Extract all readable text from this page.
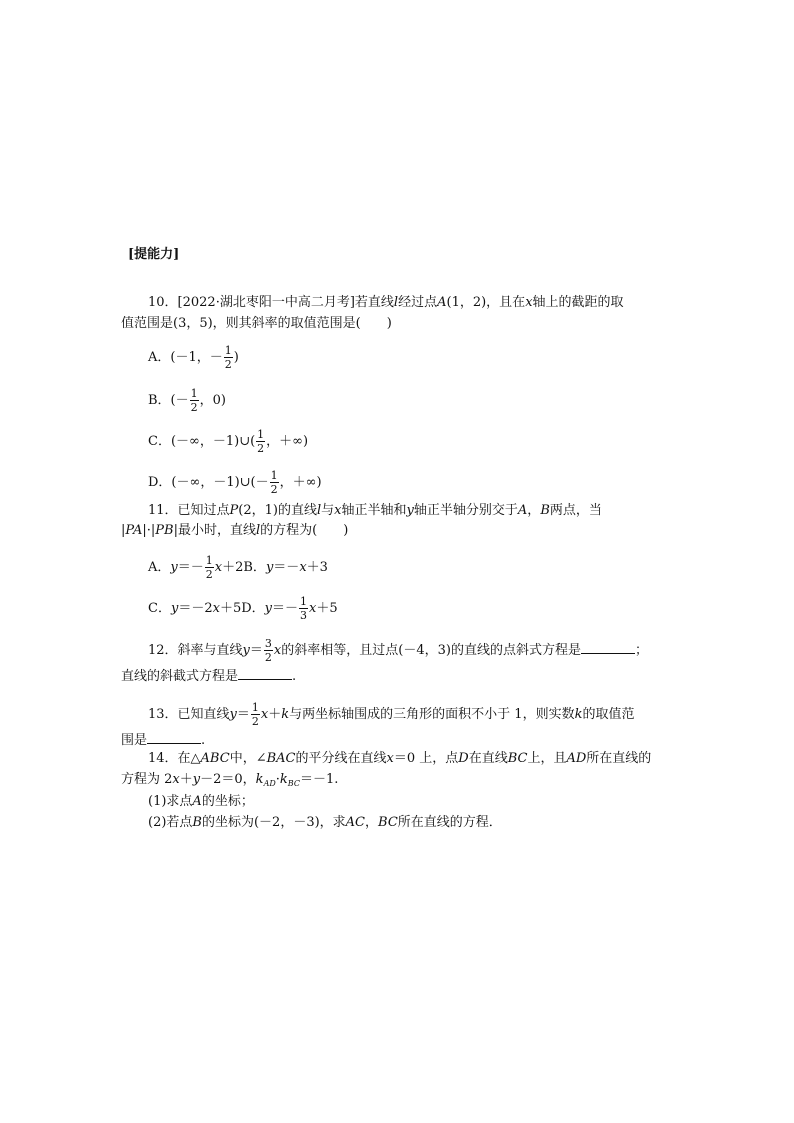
[提能力]
10．[2022·湖北枣阳一中高二月考]若直线l经过点A(1，2)，且在x轴上的截距的取
值范围是(3，5)，则其斜率的取值范围是(　　)
A．(－1，－ $\frac{1}{2}$ )
B．(－ $\frac{1}{2}$ ，0)
C．(－∞，－1)∪( $\frac{1}{2}$ ，＋∞)
D．(－∞，－1)∪(－ $\frac{1}{2}$ ，＋∞)
11．已知过点P(2，1)的直线l与x轴正半轴和y轴正半轴分别交于A，B两点，当
|PA|·|PB|最小时，直线l的方程为(　　)
A．$y=- \frac{1}{2} x+2B$．y＝－x＋3
C．y＝－2x＋5D．$y=- \frac{1}{3} x+5$
12．斜率与直线$y= \frac{3}{2}$ x的斜率相等，且过点(－4，3)的直线的点斜式方程是	；
直线的斜截式方程是	.
13．已知直线$y= \frac{1}{2} x+k$与两坐标轴围成的三角形的面积不小于 1，则实数k的取值范
围是	.
14．在△ABC中，∠BAC的平分线在直线x＝0 上，点D在直线BC上，且AD所在直线的
方程为 2x＋y－2＝0，$k_{AD}\cdot k_{BC}=-1$.
(1)求点A的坐标；
(2)若点B的坐标为(－2，－3)，求AC，BC所在直线的方程．
